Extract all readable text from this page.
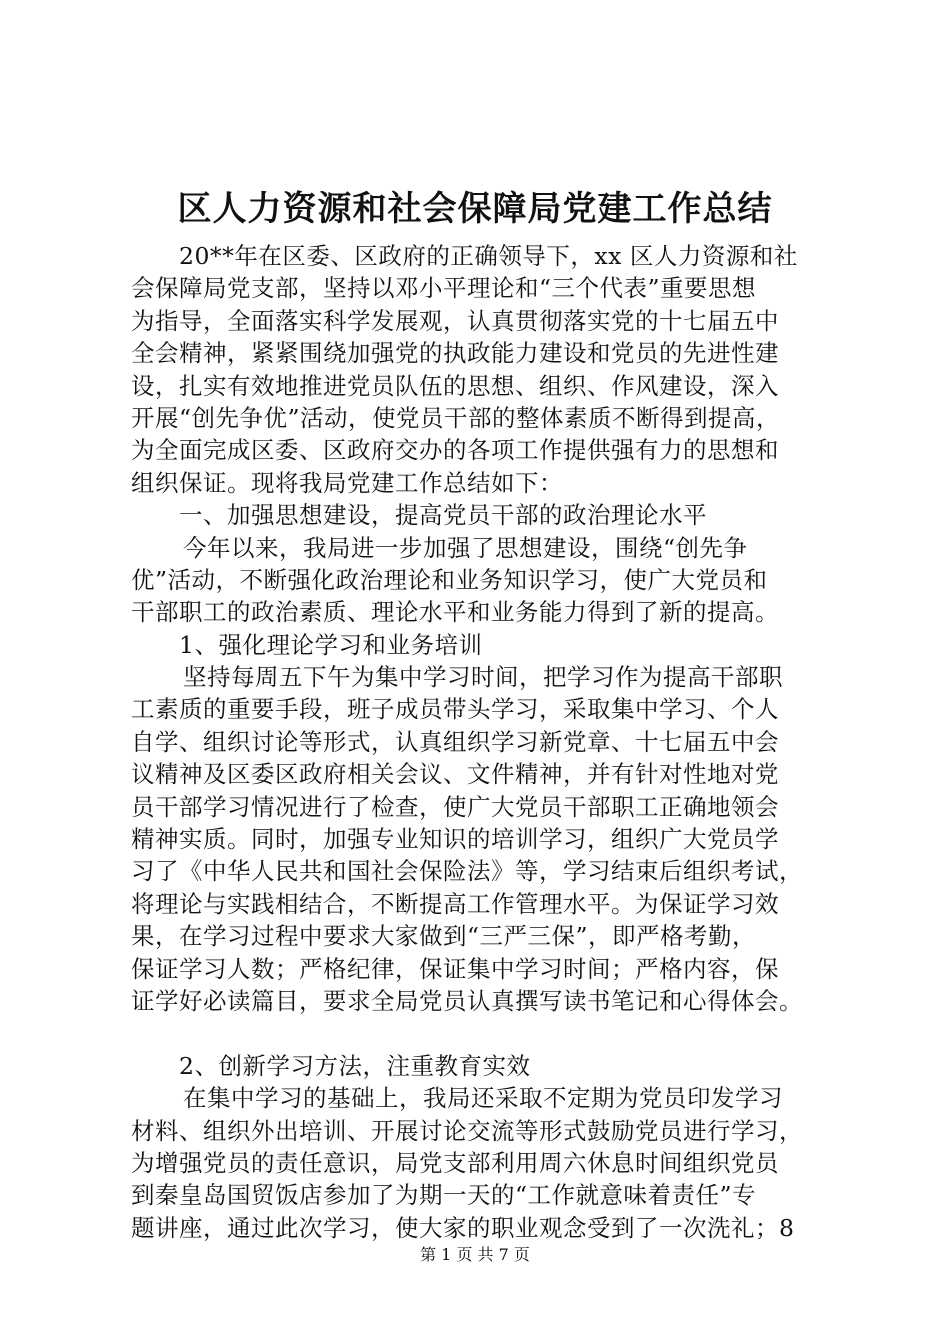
区人力资源和社会保障局党建工作总结
20**年在区委、区政府的正确领导下，xx 区人力资源和社
会保障局党支部，坚持以邓小平理论和“三个代表”重要思想
为指导，全面落实科学发展观，认真贯彻落实党的十七届五中
全会精神，紧紧围绕加强党的执政能力建设和党员的先进性建
设，扎实有效地推进党员队伍的思想、组织、作风建设，深入
开展“创先争优”活动，使党员干部的整体素质不断得到提高，
为全面完成区委、区政府交办的各项工作提供强有力的思想和
组织保证。现将我局党建工作总结如下：
一、加强思想建设，提高党员干部的政治理论水平
今年以来，我局进一步加强了思想建设，围绕“创先争
优”活动，不断强化政治理论和业务知识学习，使广大党员和
干部职工的政治素质、理论水平和业务能力得到了新的提高。
1、强化理论学习和业务培训
坚持每周五下午为集中学习时间，把学习作为提高干部职
工素质的重要手段，班子成员带头学习，采取集中学习、个人
自学、组织讨论等形式，认真组织学习新党章、十七届五中会
议精神及区委区政府相关会议、文件精神，并有针对性地对党
员干部学习情况进行了检查，使广大党员干部职工正确地领会
精神实质。同时，加强专业知识的培训学习，组织广大党员学
习了《中华人民共和国社会保险法》等，学习结束后组织考试，
将理论与实践相结合，不断提高工作管理水平。为保证学习效
果，在学习过程中要求大家做到“三严三保”，即严格考勤，
保证学习人数；严格纪律，保证集中学习时间；严格内容，保
证学好必读篇目，要求全局党员认真撰写读书笔记和心得体会。
2、创新学习方法，注重教育实效
在集中学习的基础上，我局还采取不定期为党员印发学习
材料、组织外出培训、开展讨论交流等形式鼓励党员进行学习，
为增强党员的责任意识，局党支部利用周六休息时间组织党员
到秦皇岛国贸饭店参加了为期一天的“工作就意味着责任”专
题讲座，通过此次学习，使大家的职业观念受到了一次洗礼；8
第 1 页 共 7 页
